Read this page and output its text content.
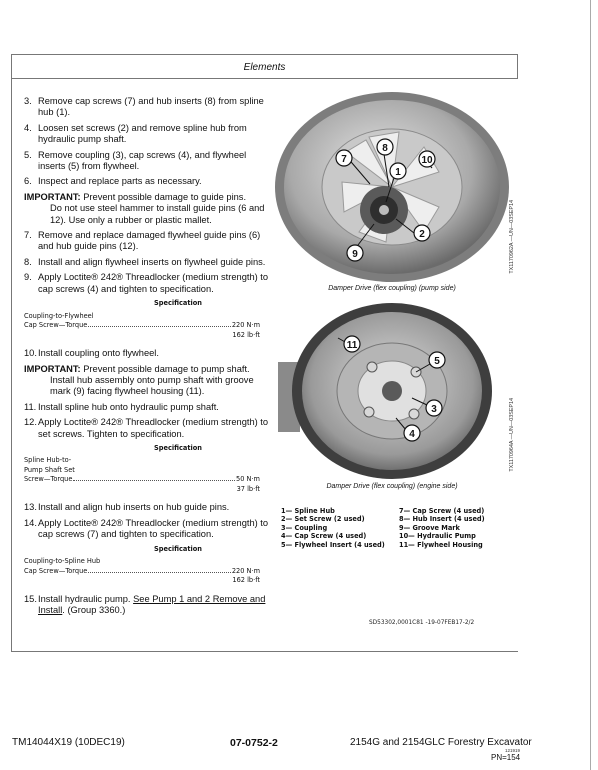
Elements
3. Remove cap screws (7) and hub inserts (8) from spline hub (1).
4. Loosen set screws (2) and remove spline hub from hydraulic pump shaft.
5. Remove coupling (3), cap screws (4), and flywheel inserts (5) from flywheel.
6. Inspect and replace parts as necessary.
IMPORTANT: Prevent possible damage to guide pins.
Do not use steel hammer to install guide pins (6 and 12). Use only a rubber or plastic mallet.
7. Remove and replace damaged flywheel guide pins (6) and hub guide pins (12).
8. Install and align flywheel inserts on flywheel guide pins.
9. Apply Loctite® 242® Threadlocker (medium strength) to cap screws (4) and tighten to specification.
Specification
Coupling-to-Flywheel
Cap Screw—Torque	220 N·m
162 lb·ft
10. Install coupling onto flywheel.
IMPORTANT: Prevent possible damage to pump shaft.
Install hub assembly onto pump shaft with groove mark (9) facing flywheel housing (11).
11. Install spline hub onto hydraulic pump shaft.
12. Apply Loctite® 242® Threadlocker (medium strength) to set screws. Tighten to specification.
Specification
Spline Hub-to-
Pump Shaft Set
Screw—Torque	50 N·m
37 lb·ft
13. Install and align hub inserts on hub guide pins.
14. Apply Loctite® 242® Threadlocker (medium strength) to cap screws (7) and tighten to specification.
Specification
Coupling-to-Spline Hub
Cap Screw—Torque	220 N·m
162 lb·ft
15. Install hydraulic pump. See Pump 1 and 2 Remove and Install. (Group 3360.)
7
8
1
10
2
9
Damper Drive (flex coupling) (pump side)
TX1170962A —UN—03SEP14
11
5
3
4
Damper Drive (flex coupling) (engine side)
TX1170964A —UN—03SEP14
1— Spline Hub	7— Cap Screw (4 used)
2— Set Screw (2 used)	8— Hub Insert (4 used)
3— Coupling	9— Groove Mark
4— Cap Screw (4 used)	10— Hydraulic Pump
5— Flywheel Insert (4 used)	11— Flywheel Housing
SD53302,0001C81 -19-07FEB17-2/2
TM14044X19 (10DEC19)	07-0752-2	2154G and 2154GLC Forestry Excavator
121919
PN=154
